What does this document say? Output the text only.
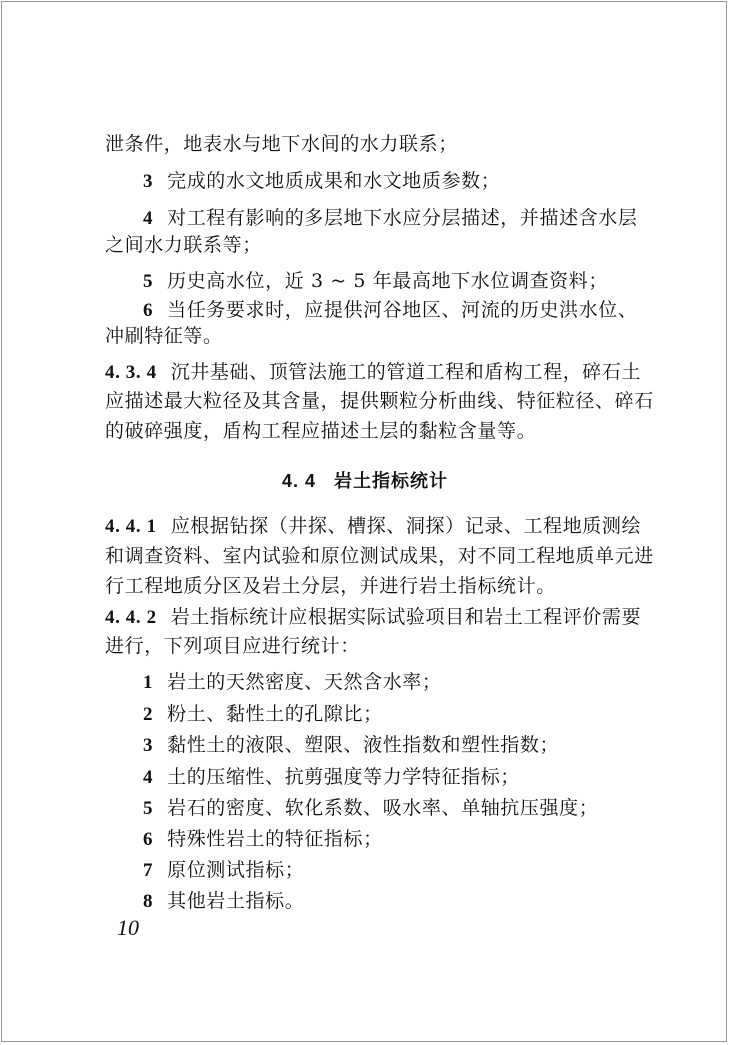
泄条件，地表水与地下水间的水力联系；
3 完成的水文地质成果和水文地质参数；
4 对工程有影响的多层地下水应分层描述，并描述含水层
之间水力联系等；
5 历史高水位，近 3 ~ 5 年最高地下水位调查资料；
6 当任务要求时，应提供河谷地区、河流的历史洪水位、
冲刷特征等。
4. 3. 4 沉井基础、顶管法施工的管道工程和盾构工程，碎石土
应描述最大粒径及其含量，提供颗粒分析曲线、特征粒径、碎石
的破碎强度，盾构工程应描述土层的黏粒含量等。
4. 4 岩土指标统计
4. 4. 1 应根据钻探（井探、槽探、洞探）记录、工程地质测绘
和调查资料、室内试验和原位测试成果，对不同工程地质单元进
行工程地质分区及岩土分层，并进行岩土指标统计。
4. 4. 2 岩土指标统计应根据实际试验项目和岩土工程评价需要
进行，下列项目应进行统计：
1 岩土的天然密度、天然含水率；
2 粉土、黏性土的孔隙比；
3 黏性土的液限、塑限、液性指数和塑性指数；
4 土的压缩性、抗剪强度等力学特征指标；
5 岩石的密度、软化系数、吸水率、单轴抗压强度；
6 特殊性岩土的特征指标；
7 原位测试指标；
8 其他岩土指标。
10
